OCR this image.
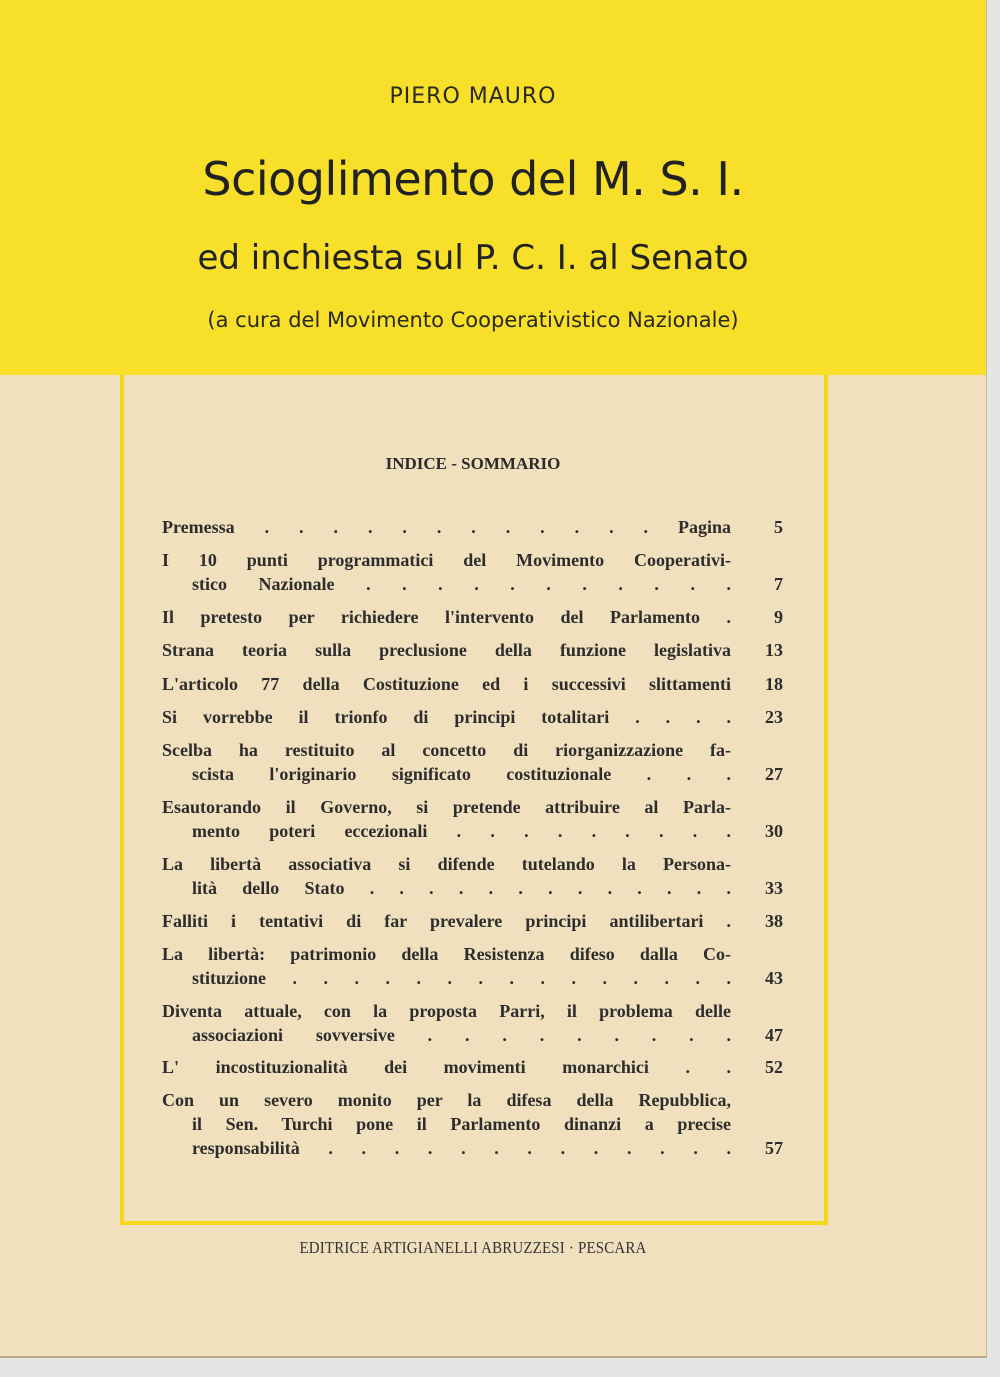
PIERO MAURO
Scioglimento del M. S. I.
ed inchiesta sul P. C. I. al Senato
(a cura del Movimento Cooperativistico Nazionale)
INDICE - SOMMARIO
Premessa . . . . . . . . . . . . Pagina	5
I 10 punti programmatici del Movimento Cooperativi-
stico Nazionale . . . . . . . . . . .	7
Il pretesto per richiedere l'intervento del Parlamento .	9
Strana teoria sulla preclusione della funzione legislativa	13
L'articolo 77 della Costituzione ed i successivi slittamenti	18
Si vorrebbe il trionfo di principi totalitari . . . .	23
Scelba ha restituito al concetto di riorganizzazione fa-
scista l'originario significato costituzionale . . .	27
Esautorando il Governo, si pretende attribuire al Parla-
mento poteri eccezionali . . . . . . . . .	30
La libertà associativa si difende tutelando la Persona-
lità dello Stato . . . . . . . . . . . . .	33
Falliti i tentativi di far prevalere principi antilibertari .	38
La libertà: patrimonio della Resistenza difeso dalla Co-
stituzione . . . . . . . . . . . . . . .	43
Diventa attuale, con la proposta Parri, il problema delle
associazioni sovversive . . . . . . . . .	47
L' incostituzionalità dei movimenti monarchici . .	52
Con un severo monito per la difesa della Repubblica,
il Sen. Turchi pone il Parlamento dinanzi a precise
responsabilità . . . . . . . . . . . . .	57
EDITRICE ARTIGIANELLI ABRUZZESI · PESCARA
